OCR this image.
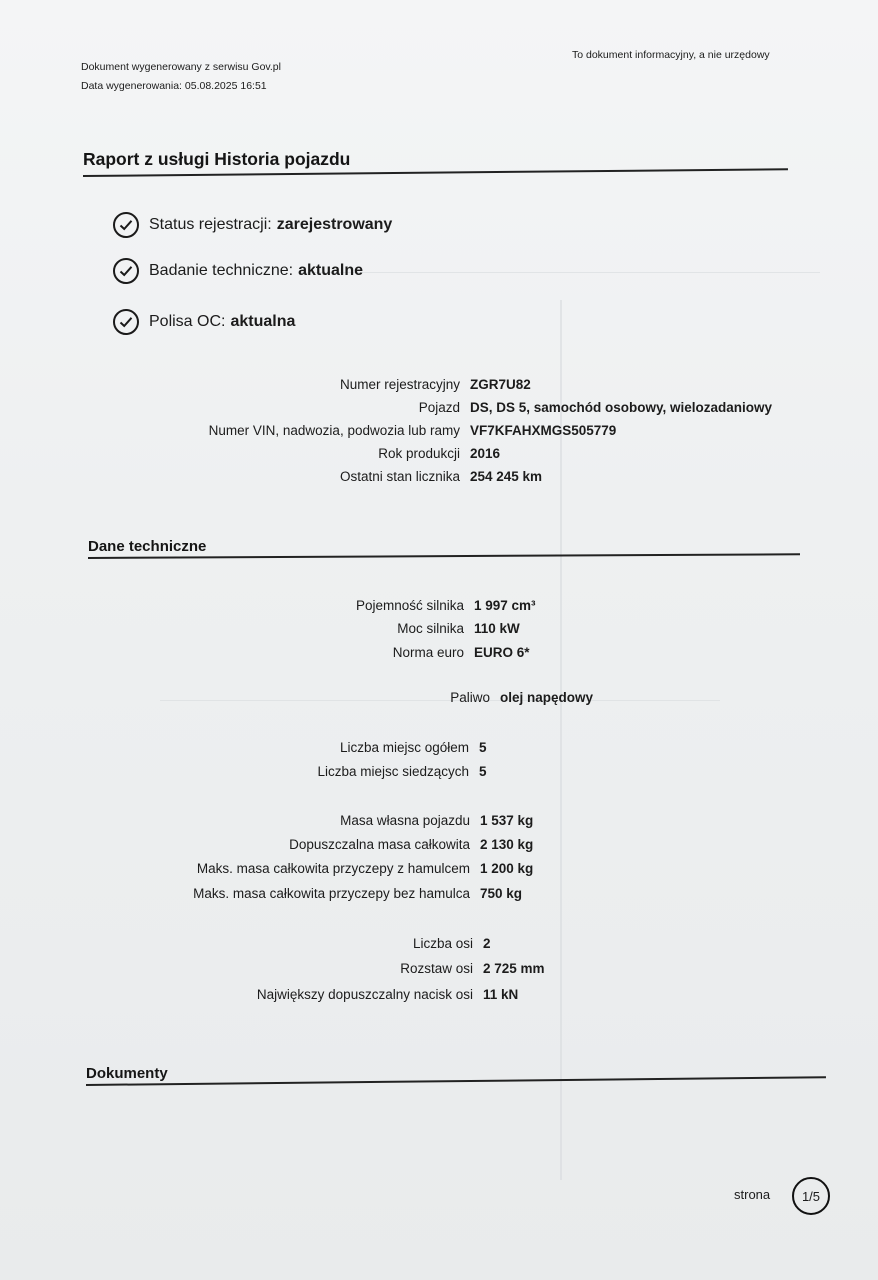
Dokument wygenerowany z serwisu Gov.pl
Data wygenerowania: 05.08.2025 16:51
To dokument informacyjny, a nie urzędowy
Raport z usługi Historia pojazdu
Status rejestracji: zarejestrowany
Badanie techniczne: aktualne
Polisa OC: aktualna
Numer rejestracyjny ZGR7U82
Pojazd DS, DS 5, samochód osobowy, wielozadaniowy
Numer VIN, nadwozia, podwozia lub ramy VF7KFAHXMGS505779
Rok produkcji 2016
Ostatni stan licznika 254 245 km
Dane techniczne
Pojemność silnika 1 997 cm³
Moc silnika 110 kW
Norma euro EURO 6*
Paliwo olej napędowy
Liczba miejsc ogółem 5
Liczba miejsc siedzących 5
Masa własna pojazdu 1 537 kg
Dopuszczalna masa całkowita 2 130 kg
Maks. masa całkowita przyczepy z hamulcem 1 200 kg
Maks. masa całkowita przyczepy bez hamulca 750 kg
Liczba osi 2
Rozstaw osi 2 725 mm
Największy dopuszczalny nacisk osi 11 kN
Dokumenty
strona 1/5
